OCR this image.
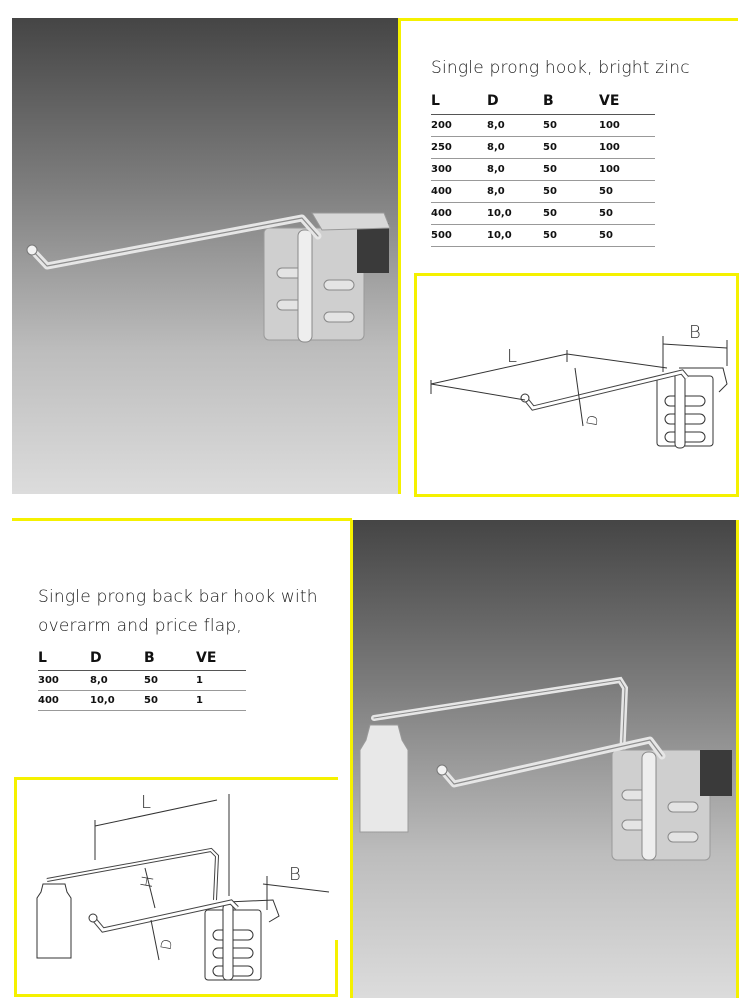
Single prong hook, bright zinc
L	D	B	VE
200	8,0	50	100
250	8,0	50	100
300	8,0	50	100
400	8,0	50	50
400	10,0	50	50
500	10,0	50	50
L
B
D
Single prong back bar hook with
overarm and price flap,
L	D	B	VE
300	8,0	50	1
400	10,0	50	1
L
B
H
D
